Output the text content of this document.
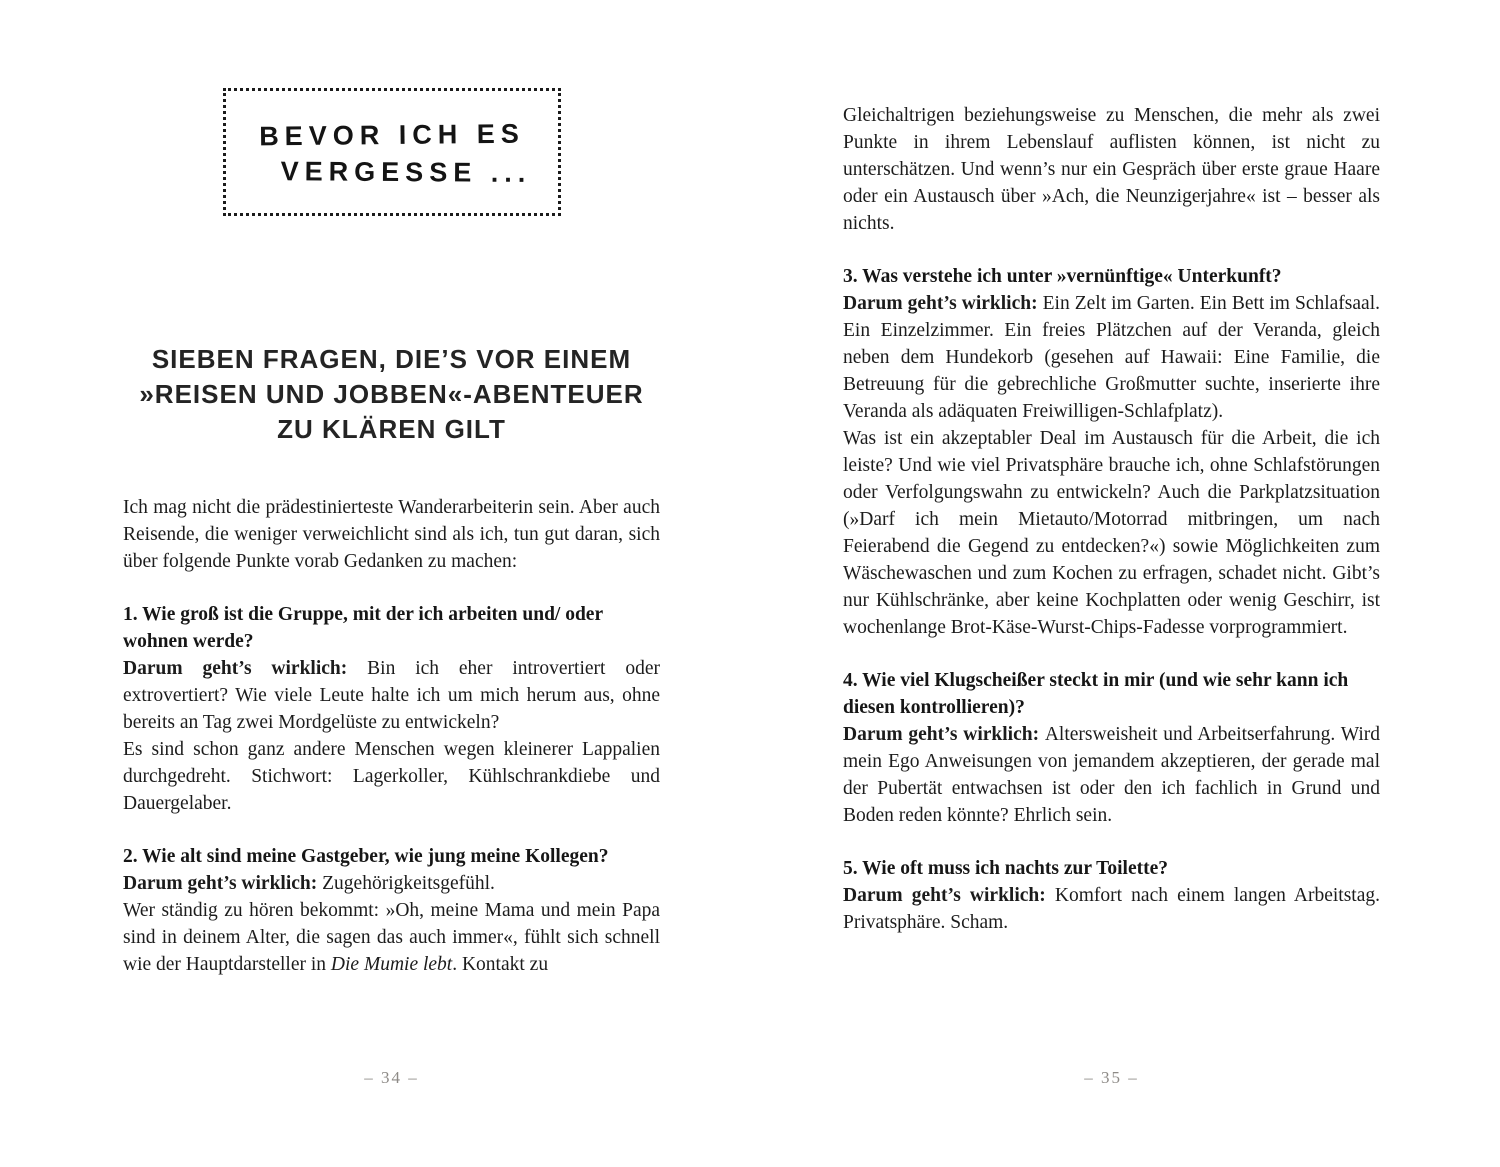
BEVOR ICH ES
VERGESSE ...
SIEBEN FRAGEN, DIE’S VOR EINEM
»REISEN UND JOBBEN«-ABENTEUER
ZU KLÄREN GILT

Ich mag nicht die prädestinierteste Wanderarbeiterin sein. Aber auch Reisende, die weniger verweichlicht sind als ich, tun gut daran, sich über folgende Punkte vorab Gedanken zu machen:

1. Wie groß ist die Gruppe, mit der ich arbeiten und/ oder wohnen werde?

Darum geht’s wirklich: Bin ich eher introvertiert oder extrovertiert? Wie viele Leute halte ich um mich herum aus, ohne bereits an Tag zwei Mordgelüste zu entwickeln?

Es sind schon ganz andere Menschen wegen kleinerer Lappalien durchgedreht. Stichwort: Lagerkoller, Kühlschrankdiebe und Dauergelaber.

2. Wie alt sind meine Gastgeber, wie jung meine Kollegen?

Darum geht’s wirklich: Zugehörigkeitsgefühl.

Wer ständig zu hören bekommt: »Oh, meine Mama und mein Papa sind in deinem Alter, die sagen das auch immer«, fühlt sich schnell wie der Hauptdarsteller in Die Mumie lebt. Kontakt zu

Gleichaltrigen beziehungsweise zu Menschen, die mehr als zwei Punkte in ihrem Lebenslauf auflisten können, ist nicht zu unterschätzen. Und wenn’s nur ein Gespräch über erste graue Haare oder ein Austausch über »Ach, die Neunzigerjahre« ist – besser als nichts.

3. Was verstehe ich unter »vernünftige« Unterkunft?

Darum geht’s wirklich: Ein Zelt im Garten. Ein Bett im Schlafsaal. Ein Einzelzimmer. Ein freies Plätzchen auf der Veranda, gleich neben dem Hundekorb (gesehen auf Hawaii: Eine Familie, die Betreuung für die gebrechliche Großmutter suchte, inserierte ihre Veranda als adäquaten Freiwilligen-Schlafplatz).

Was ist ein akzeptabler Deal im Austausch für die Arbeit, die ich leiste? Und wie viel Privatsphäre brauche ich, ohne Schlafstörungen oder Verfolgungswahn zu entwickeln? Auch die Parkplatzsituation (»Darf ich mein Mietauto/Motorrad mitbringen, um nach Feierabend die Gegend zu entdecken?«) sowie Möglichkeiten zum Wäschewaschen und zum Kochen zu erfragen, schadet nicht. Gibt’s nur Kühlschränke, aber keine Kochplatten oder wenig Geschirr, ist wochenlange Brot-Käse-Wurst-Chips-Fadesse vorprogrammiert.

4. Wie viel Klugscheißer steckt in mir (und wie sehr kann ich diesen kontrollieren)?

Darum geht’s wirklich: Altersweisheit und Arbeitserfahrung. Wird mein Ego Anweisungen von jemandem akzeptieren, der gerade mal der Pubertät entwachsen ist oder den ich fachlich in Grund und Boden reden könnte? Ehrlich sein.

5. Wie oft muss ich nachts zur Toilette?

Darum geht’s wirklich: Komfort nach einem langen Arbeitstag. Privatsphäre. Scham.

– 34 –	– 35 –
